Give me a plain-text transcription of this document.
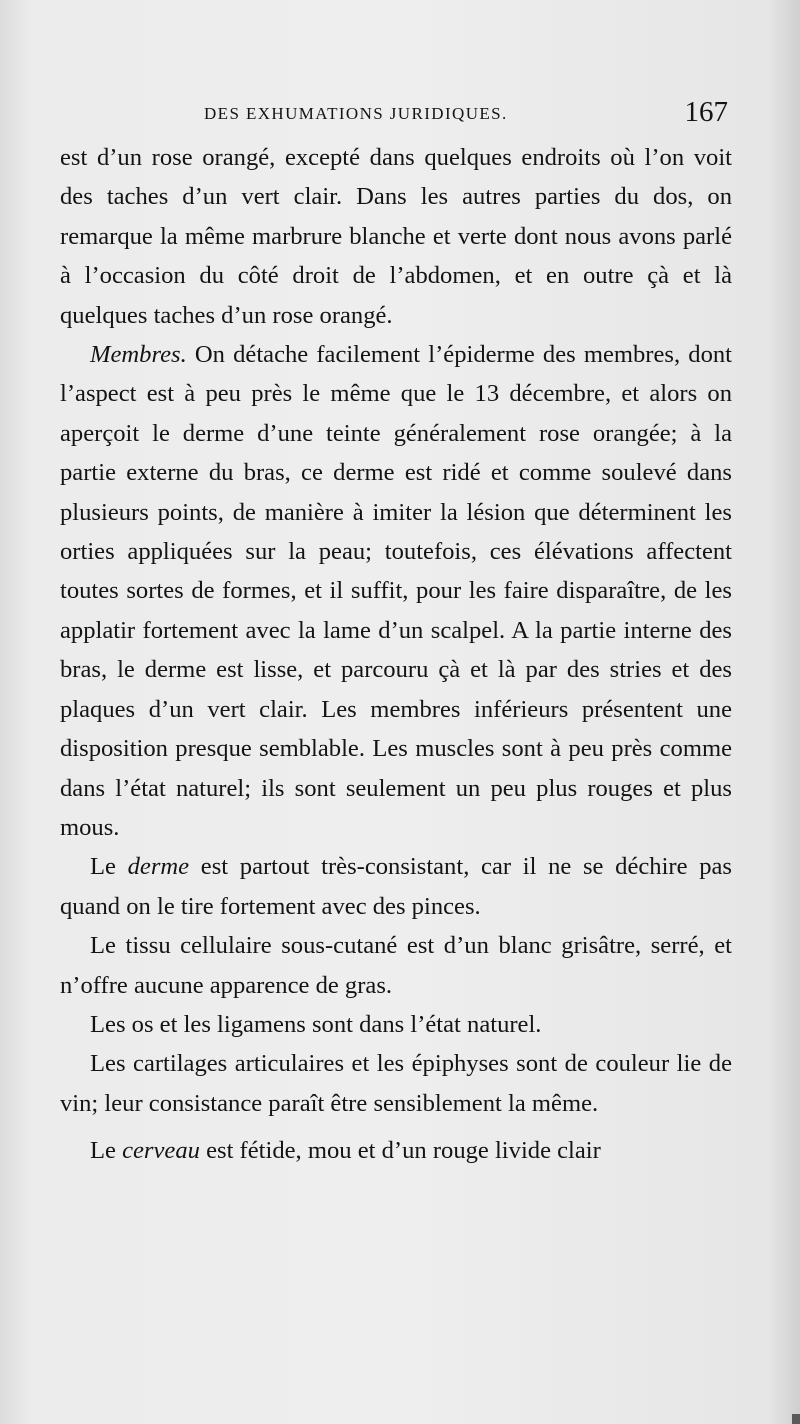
DES EXHUMATIONS JURIDIQUES.	167

est d’un rose orangé, excepté dans quelques endroits où l’on voit des taches d’un vert clair. Dans les autres parties du dos, on remarque la même marbrure blanche et verte dont nous avons parlé à l’occasion du côté droit de l’abdomen, et en outre çà et là quelques taches d’un rose orangé.

Membres. On détache facilement l’épiderme des membres, dont l’aspect est à peu près le même que le 13 décembre, et alors on aperçoit le derme d’une teinte généralement rose orangée; à la partie externe du bras, ce derme est ridé et comme soulevé dans plusieurs points, de manière à imiter la lésion que déterminent les orties appliquées sur la peau; toutefois, ces élévations affectent toutes sortes de formes, et il suffit, pour les faire disparaître, de les applatir fortement avec la lame d’un scalpel. A la partie interne des bras, le derme est lisse, et parcouru çà et là par des stries et des plaques d’un vert clair. Les membres inférieurs présentent une disposition presque semblable. Les muscles sont à peu près comme dans l’état naturel; ils sont seulement un peu plus rouges et plus mous.

Le derme est partout très-consistant, car il ne se déchire pas quand on le tire fortement avec des pinces.

Le tissu cellulaire sous-cutané est d’un blanc grisâtre, serré, et n’offre aucune apparence de gras.

Les os et les ligamens sont dans l’état naturel.

Les cartilages articulaires et les épiphyses sont de couleur lie de vin; leur consistance paraît être sensiblement la même.

Le cerveau est fétide, mou et d’un rouge livide clair
